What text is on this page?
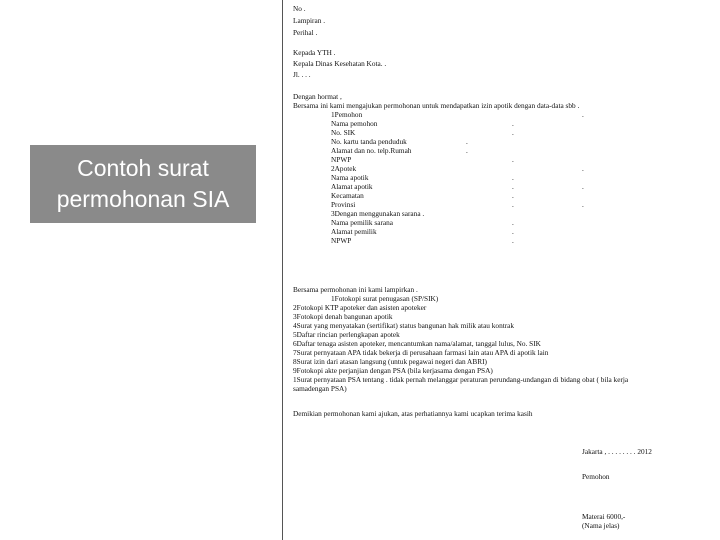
Contoh surat permohonan SIA
No .
Lampiran .
Perihal .
Kepada YTH .
Kepala Dinas Kesehatan Kota. .
Jl. . . .
Dengan hormat ,
Bersama ini kami mengajukan permohonan untuk mendapatkan izin apotik dengan data-data sbb .
1Pemohon
Nama pemohon
No. SIK
No. kartu tanda penduduk
Alamat dan no. telp.Rumah
NPWP
2Apotek
Nama apotik
Alamat apotik
Kecamatan
Provinsi
3Dengan menggunakan sarana .
Nama pemilik sarana
Alamat pemilik
NPWP
.
.
.
.
.
.
.
.
.
.
.
.
.
.
.
.
Bersama permohonan ini kami lampirkan .
1Fotokopi surat penugasan (SP/SIK)
2Fotokopi KTP apoteker dan asisten apoteker
3Fotokopi denah bangunan apotik
4Surat yang menyatakan (sertifikat) status bangunan hak milik atau kontrak
5Daftar rincian perlengkapan apotek
6Daftar tenaga asisten apoteker, mencantumkan nama/alamat, tanggal lulus, No. SIK
7Surat pernyataan APA tidak bekerja di perusahaan farmasi lain atau APA di apotik lain
8Surat izin dari atasan langsung (untuk pegawai negeri dan ABRI)
9Fotokopi akte perjanjian dengan PSA (bila kerjasama dengan PSA)
1Surat pernyataan PSA tentang . tidak pernah melanggar peraturan perundang-undangan di bidang obat ( bila kerja
samadengan PSA)
Demikian permohonan kami ajukan, atas perhatiannya kami ucapkan terima kasih
Jakarta , . . . . . . . . 2012
Pemohon
Materai 6000,-
(Nama jelas)
